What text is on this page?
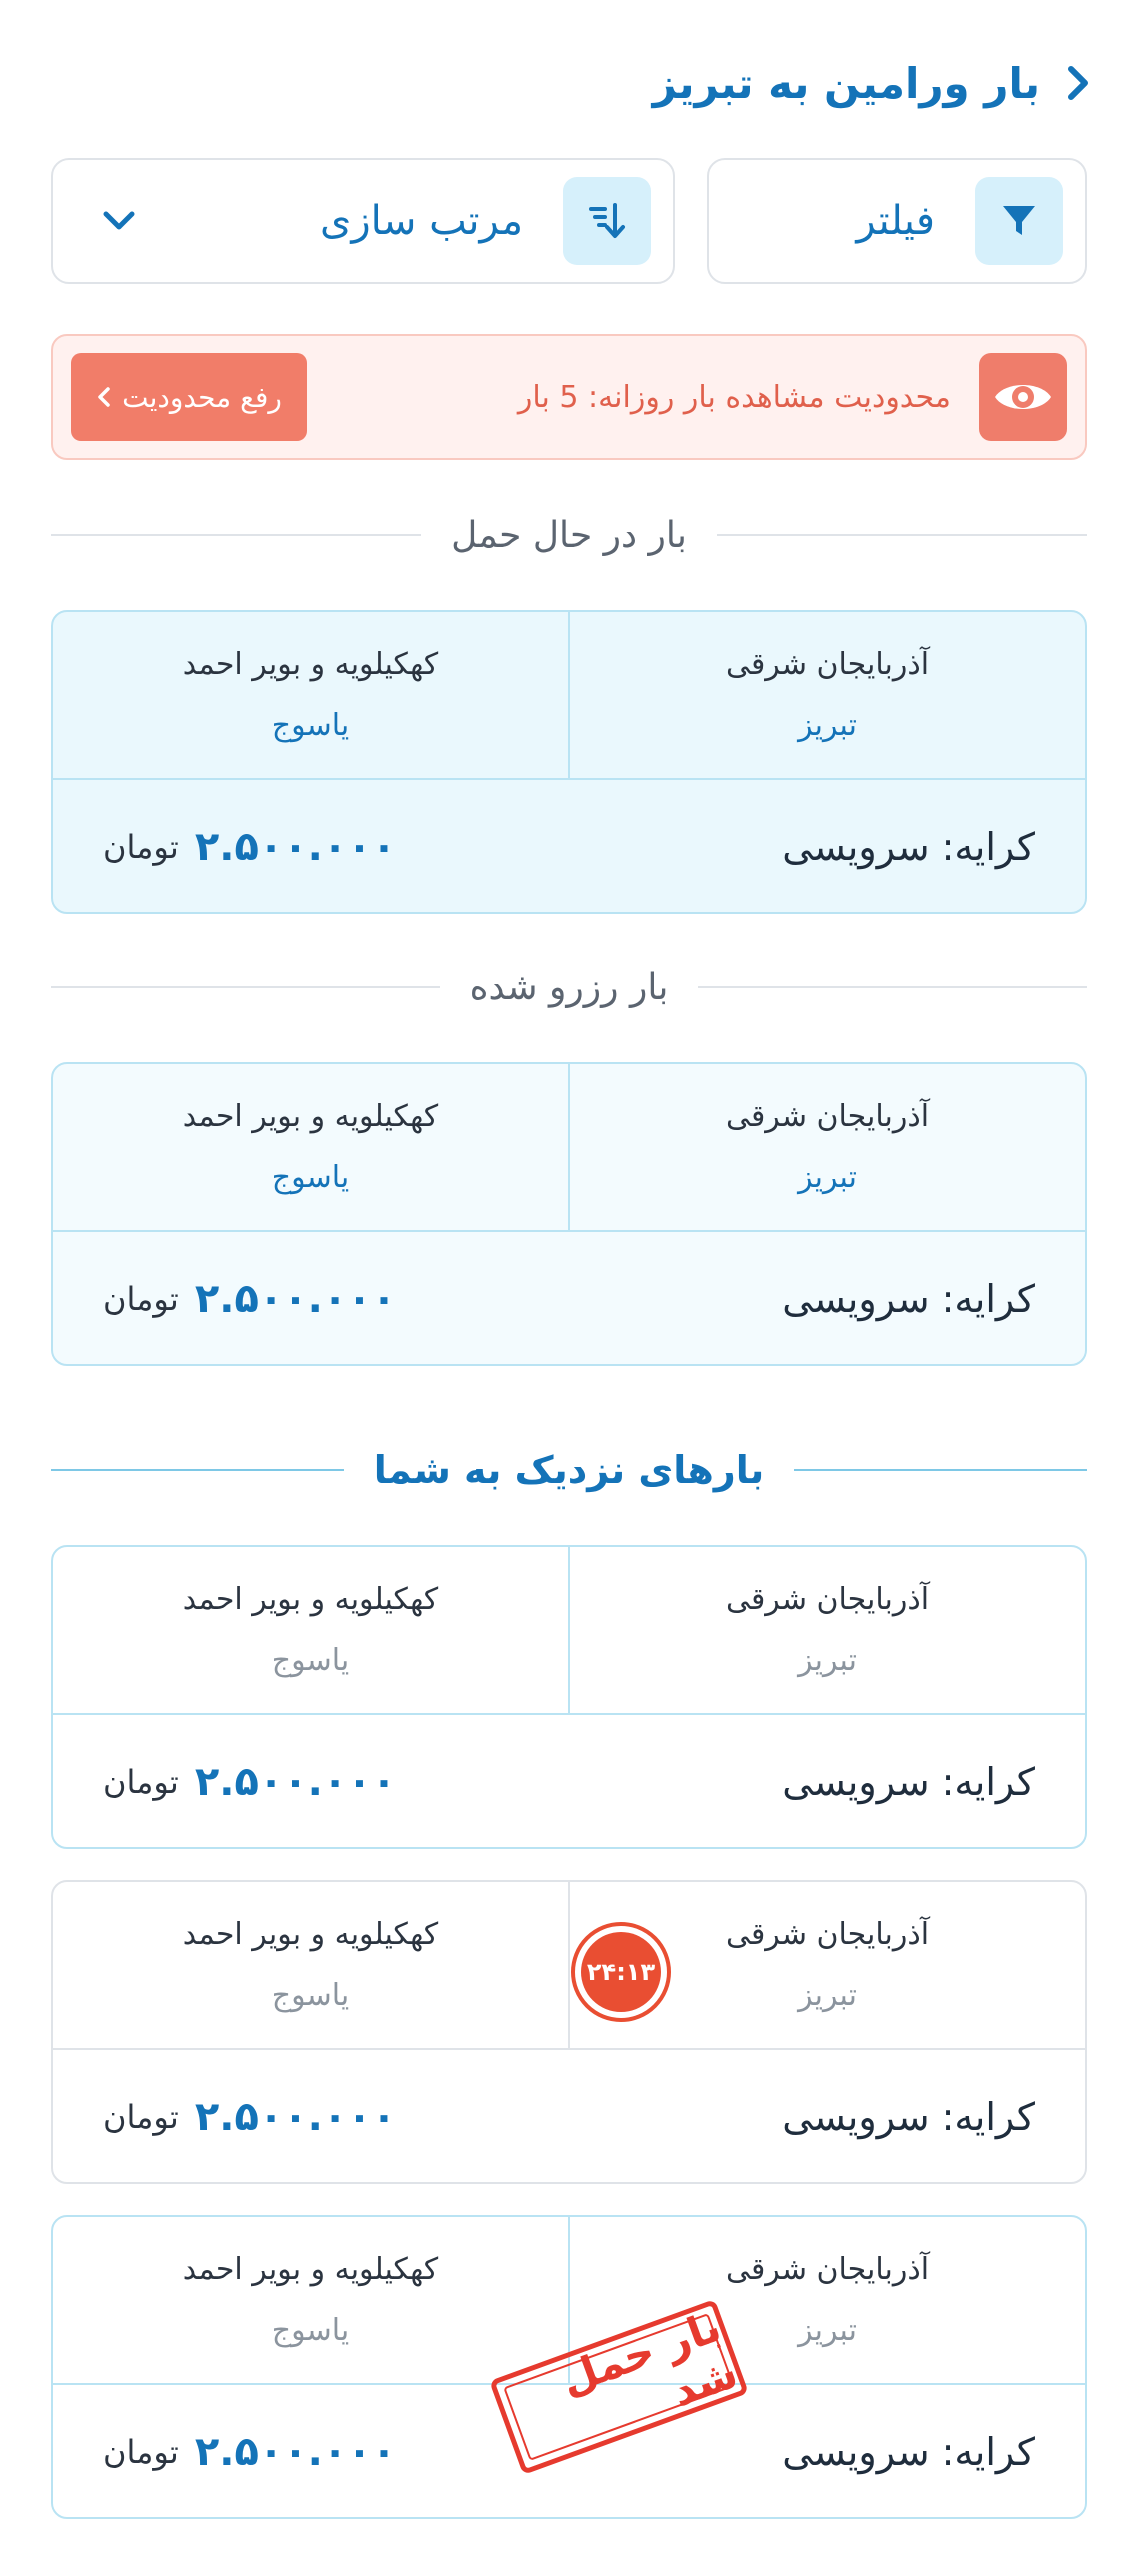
بار ورامین به تبریز
فیلتر
مرتب سازی
محدودیت مشاهده بار روزانه: 5 بار
رفع محدودیت
بار در حال حمل
آذربایجان شرقی
تبریز
کهکیلویه و بویر احمد
یاسوج
کرایه: سرویسی
۲.۵۰۰.۰۰۰
تومان
بار رزرو شده
آذربایجان شرقی
تبریز
کهکیلویه و بویر احمد
یاسوج
کرایه: سرویسی
۲.۵۰۰.۰۰۰
تومان
بارهای نزدیک به شما
آذربایجان شرقی
تبریز
کهکیلویه و بویر احمد
یاسوج
کرایه: سرویسی
۲.۵۰۰.۰۰۰
تومان
آذربایجان شرقی
تبریز
کهکیلویه و بویر احمد
یاسوج
کرایه: سرویسی
۲.۵۰۰.۰۰۰
تومان
۲۴:۱۳
آذربایجان شرقی
تبریز
کهکیلویه و بویر احمد
یاسوج
کرایه: سرویسی
۲.۵۰۰.۰۰۰
تومان
بار حمل شد
